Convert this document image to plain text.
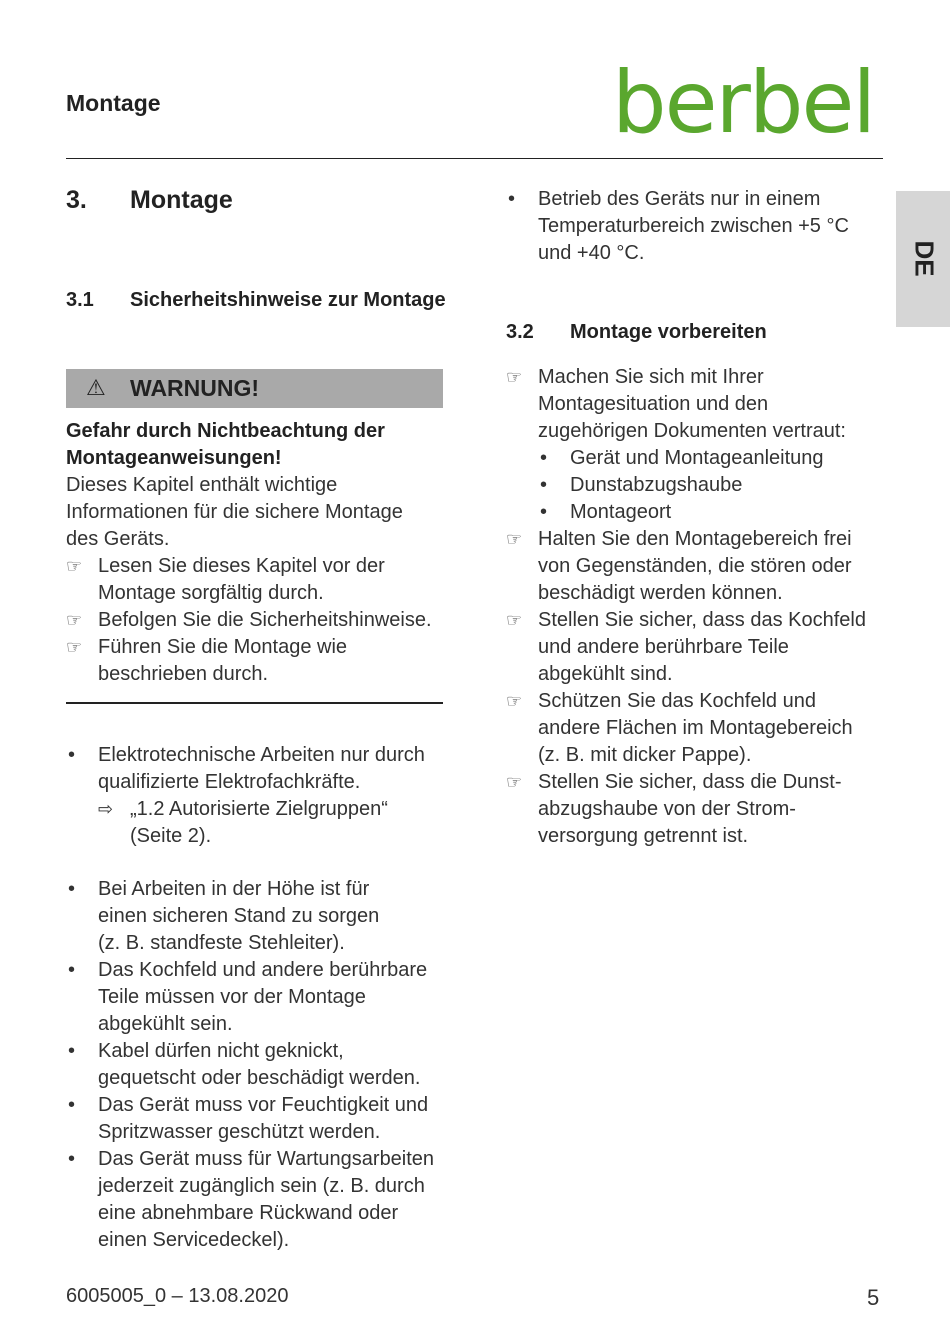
Montage	berbel
DE
3. Montage
3.1 Sicherheitshinweise zur Montage
⚠ WARNUNG!
Gefahr durch Nichtbeachtung der
Montageanweisungen!
Dieses Kapitel enthält wichtige
Informationen für die sichere Montage
des Geräts.
☞ Lesen Sie dieses Kapitel vor der
Montage sorgfältig durch.
☞ Befolgen Sie die Sicherheitshinweise.
☞ Führen Sie die Montage wie
beschrieben durch.
• Elektrotechnische Arbeiten nur durch
qualifizierte Elektrofachkräfte.
⇨ „1.2 Autorisierte Zielgruppen“
(Seite 2).
• Bei Arbeiten in der Höhe ist für
einen sicheren Stand zu sorgen
(z. B. standfeste Stehleiter).
• Das Kochfeld und andere berührbare
Teile müssen vor der Montage
abgekühlt sein.
• Kabel dürfen nicht geknickt,
gequetscht oder beschädigt werden.
• Das Gerät muss vor Feuchtigkeit und
Spritzwasser geschützt werden.
• Das Gerät muss für Wartungsarbeiten
jederzeit zugänglich sein (z. B. durch
eine abnehmbare Rückwand oder
einen Servicedeckel).
• Betrieb des Geräts nur in einem
Temperaturbereich zwischen +5 °C
und +40 °C.
3.2 Montage vorbereiten
☞ Machen Sie sich mit Ihrer
Montagesituation und den
zugehörigen Dokumenten vertraut:
• Gerät und Montageanleitung
• Dunstabzugshaube
• Montageort
☞ Halten Sie den Montagebereich frei
von Gegenständen, die stören oder
beschädigt werden können.
☞ Stellen Sie sicher, dass das Kochfeld
und andere berührbare Teile
abgekühlt sind.
☞ Schützen Sie das Kochfeld und
andere Flächen im Montagebereich
(z. B. mit dicker Pappe).
☞ Stellen Sie sicher, dass die Dunst-
abzugshaube von der Strom-
versorgung getrennt ist.
6005005_0 – 13.08.2020	5
